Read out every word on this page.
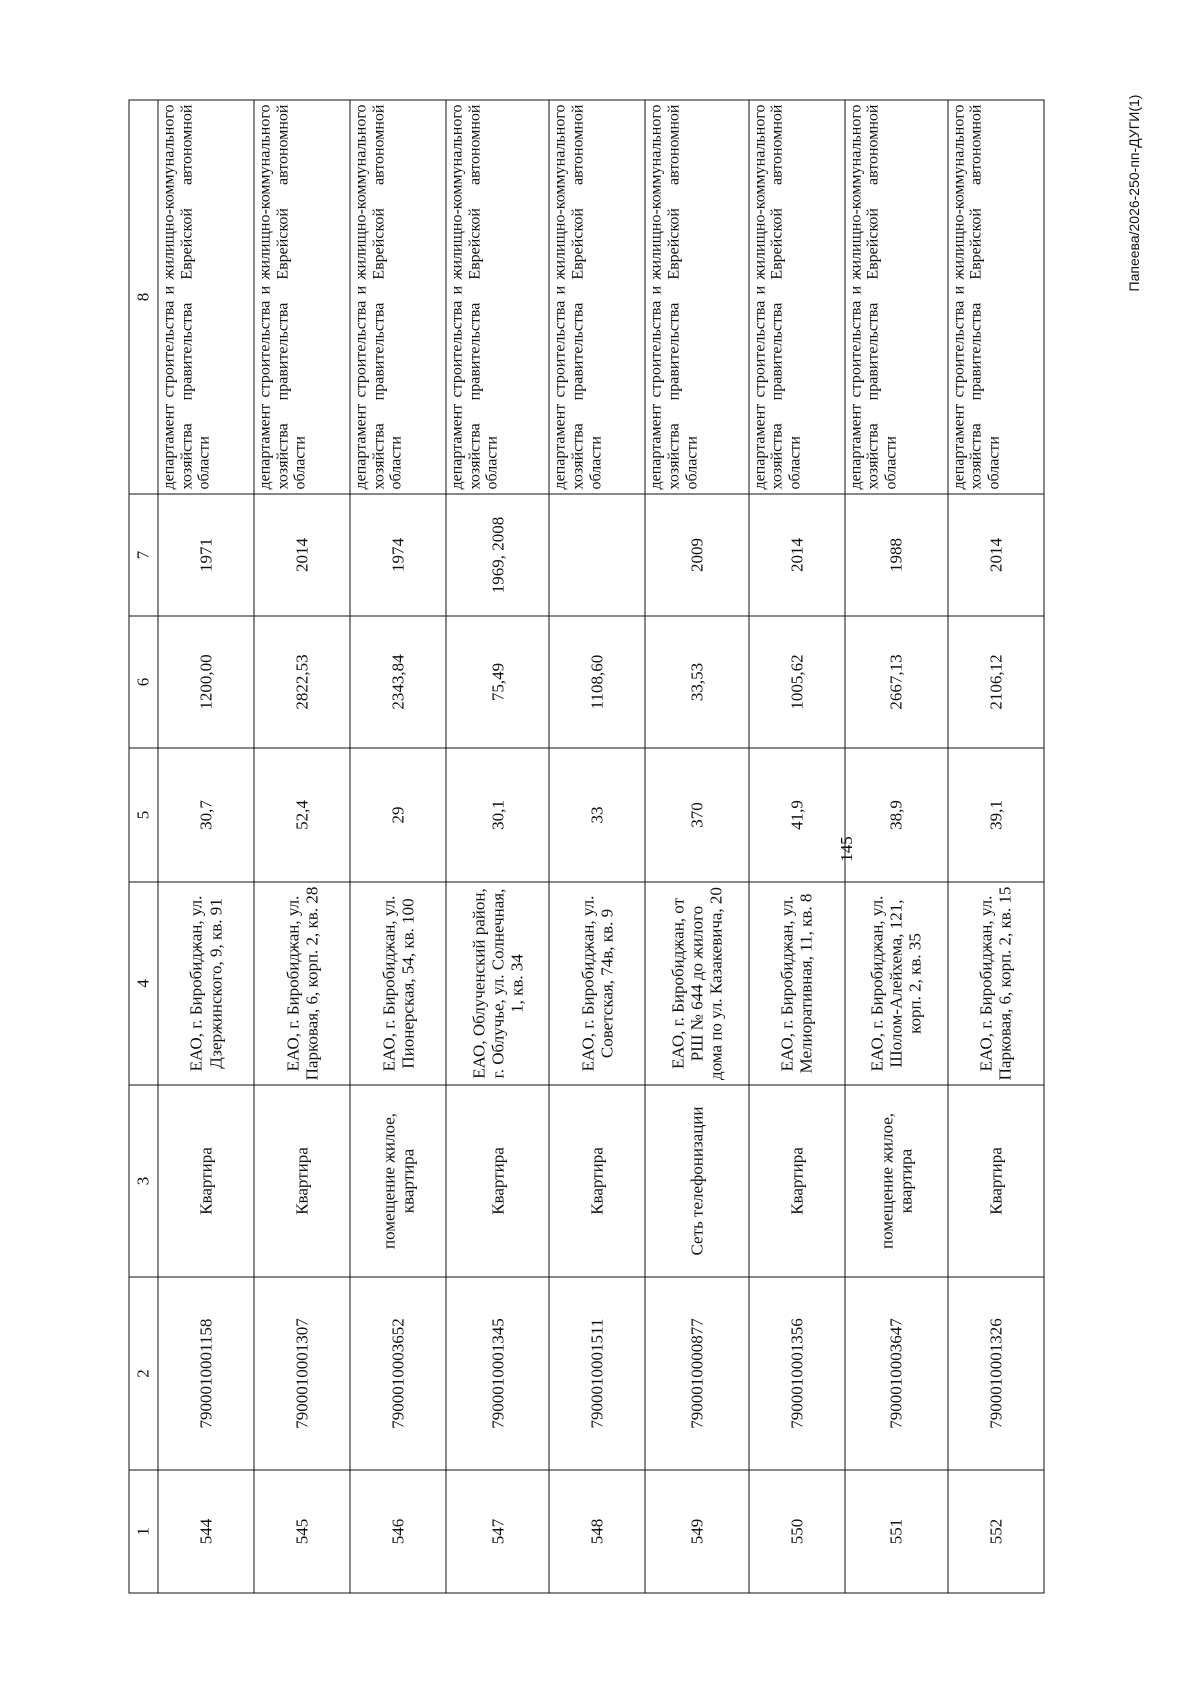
145
Папеева/2026-250-пп-ДУГИ(1)
1	2	3	4	5	6	7	8
544	7900010001158	Квартира	ЕАО, г. Биробиджан, ул. Дзержинского, 9, кв. 91	30,7	1200,00	1971	департамент строительства и жилищно-коммунального хозяйства правительства Еврейской автономной области
545	7900010001307	Квартира	ЕАО, г. Биробиджан, ул. Парковая, 6, корп. 2, кв. 28	52,4	2822,53	2014	департамент строительства и жилищно-коммунального хозяйства правительства Еврейской автономной области
546	7900010003652	помещение жилое, квартира	ЕАО, г. Биробиджан, ул. Пионерская, 54, кв. 100	29	2343,84	1974	департамент строительства и жилищно-коммунального хозяйства правительства Еврейской автономной области
547	7900010001345	Квартира	ЕАО, Облученский район, г. Облучье, ул. Солнечная, 1, кв. 34	30,1	75,49	1969, 2008	департамент строительства и жилищно-коммунального хозяйства правительства Еврейской автономной области
548	7900010001511	Квартира	ЕАО, г. Биробиджан, ул. Советская, 74в, кв. 9	33	1108,60		департамент строительства и жилищно-коммунального хозяйства правительства Еврейской автономной области
549	7900010000877	Сеть телефонизации	ЕАО, г. Биробиджан, от РШ № 644 до жилого дома по ул. Казакевича, 20	370	33,53	2009	департамент строительства и жилищно-коммунального хозяйства правительства Еврейской автономной области
550	7900010001356	Квартира	ЕАО, г. Биробиджан, ул. Мелиоративная, 11, кв. 8	41,9	1005,62	2014	департамент строительства и жилищно-коммунального хозяйства правительства Еврейской автономной области
551	7900010003647	помещение жилое, квартира	ЕАО, г. Биробиджан, ул. Шолом-Алейхема, 121, корп. 2, кв. 35	38,9	2667,13	1988	департамент строительства и жилищно-коммунального хозяйства правительства Еврейской автономной области
552	7900010001326	Квартира	ЕАО, г. Биробиджан, ул. Парковая, 6, корп. 2, кв. 15	39,1	2106,12	2014	департамент строительства и жилищно-коммунального хозяйства правительства Еврейской автономной области
